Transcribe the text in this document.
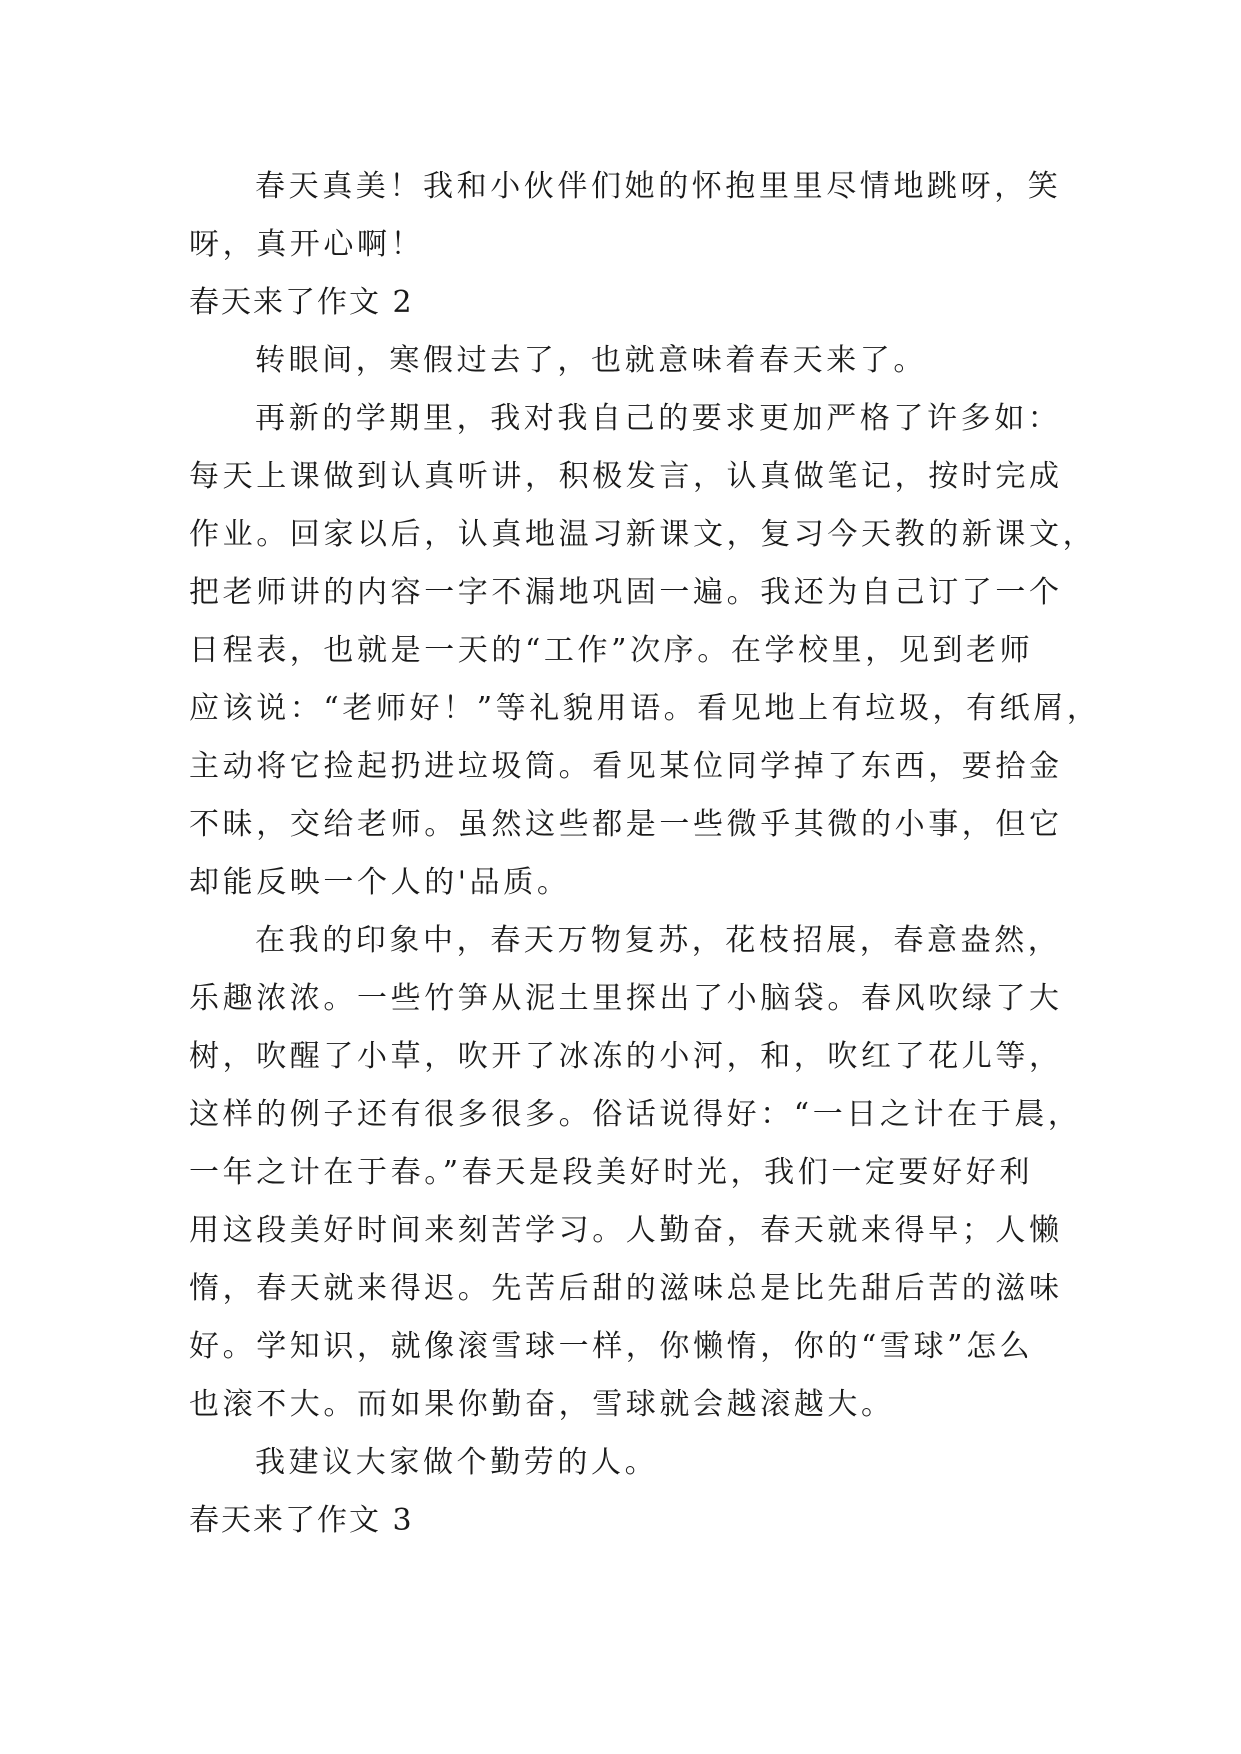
春天真美！我和小伙伴们她的怀抱里里尽情地跳呀，笑
呀，真开心啊！
春天来了作文 2
转眼间，寒假过去了，也就意味着春天来了。
再新的学期里，我对我自己的要求更加严格了许多如：
每天上课做到认真听讲，积极发言，认真做笔记，按时完成
作业。回家以后，认真地温习新课文，复习今天教的新课文，
把老师讲的内容一字不漏地巩固一遍。我还为自己订了一个
日程表，也就是一天的“工作”次序。在学校里，见到老师
应该说：“老师好！”等礼貌用语。看见地上有垃圾，有纸屑，
主动将它捡起扔进垃圾筒。看见某位同学掉了东西，要拾金
不昧，交给老师。虽然这些都是一些微乎其微的小事，但它
却能反映一个人的'品质。
在我的印象中，春天万物复苏，花枝招展，春意盎然，
乐趣浓浓。一些竹笋从泥土里探出了小脑袋。春风吹绿了大
树，吹醒了小草，吹开了冰冻的小河，和，吹红了花儿等，
这样的例子还有很多很多。俗话说得好：“一日之计在于晨，
一年之计在于春。”春天是段美好时光，我们一定要好好利
用这段美好时间来刻苦学习。人勤奋，春天就来得早；人懒
惰，春天就来得迟。先苦后甜的滋味总是比先甜后苦的滋味
好。学知识，就像滚雪球一样，你懒惰，你的“雪球”怎么
也滚不大。而如果你勤奋，雪球就会越滚越大。
我建议大家做个勤劳的人。
春天来了作文 3
